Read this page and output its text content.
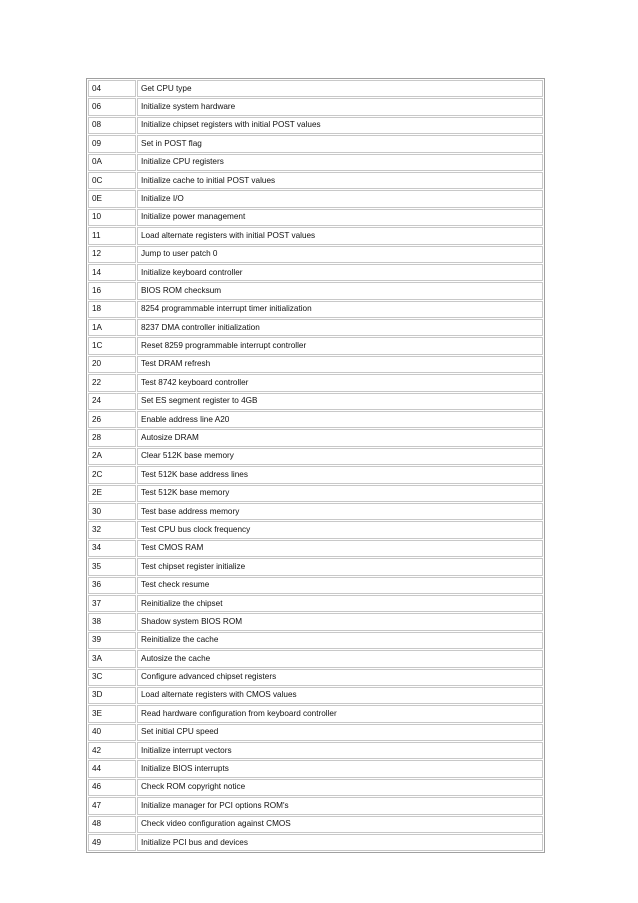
04	Get CPU type
06	Initialize system hardware
08	Initialize chipset registers with initial POST values
09	Set in POST flag
0A	Initialize CPU registers
0C	Initialize cache to initial POST values
0E	Initialize I/O
10	Initialize power management
11	Load alternate registers with initial POST values
12	Jump to user patch 0
14	Initialize keyboard controller
16	BIOS ROM checksum
18	8254 programmable interrupt timer initialization
1A	8237 DMA controller initialization
1C	Reset 8259 programmable interrupt controller
20	Test DRAM refresh
22	Test 8742 keyboard controller
24	Set ES segment register to 4GB
26	Enable address line A20
28	Autosize DRAM
2A	Clear 512K base memory
2C	Test 512K base address lines
2E	Test 512K base memory
30	Test base address memory
32	Test CPU bus clock frequency
34	Test CMOS RAM
35	Test chipset register initialize
36	Test check resume
37	Reinitialize the chipset
38	Shadow system BIOS ROM
39	Reinitialize the cache
3A	Autosize the cache
3C	Configure advanced chipset registers
3D	Load alternate registers with CMOS values
3E	Read hardware configuration from keyboard controller
40	Set initial CPU speed
42	Initialize interrupt vectors
44	Initialize BIOS interrupts
46	Check ROM copyright notice
47	Initialize manager for PCI options ROM's
48	Check video configuration against CMOS
49	Initialize PCI bus and devices
